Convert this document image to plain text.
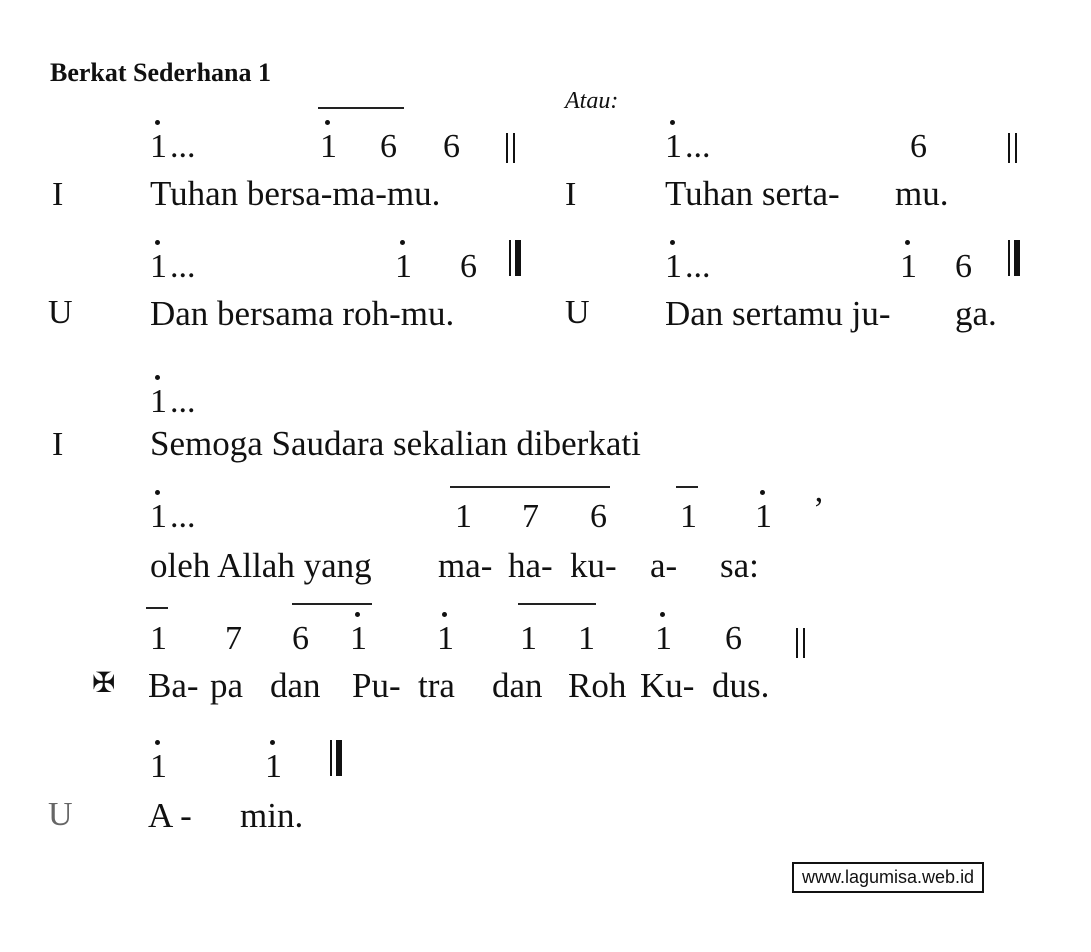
Berkat Sederhana 1
Atau:
1 ...	1 6 6	1 ...	6
I Tuhan bersa-ma-mu.	I	Tuhan serta- mu.
1 ...	1 6	1 ...	1 6
U Dan bersama roh-mu.	U Dan sertamu ju- ga.
1 ...
I Semoga Saudara sekalian diberkati
1 ...	1 7 6 1 1 ’
oleh Allah yang ma- ha- ku- a- sa:
1 7 6 1 1 1 1 1 6
✠ Ba- pa dan Pu- tra dan Roh Ku- dus.
1	1
U A - min.
www.lagumisa.web.id
